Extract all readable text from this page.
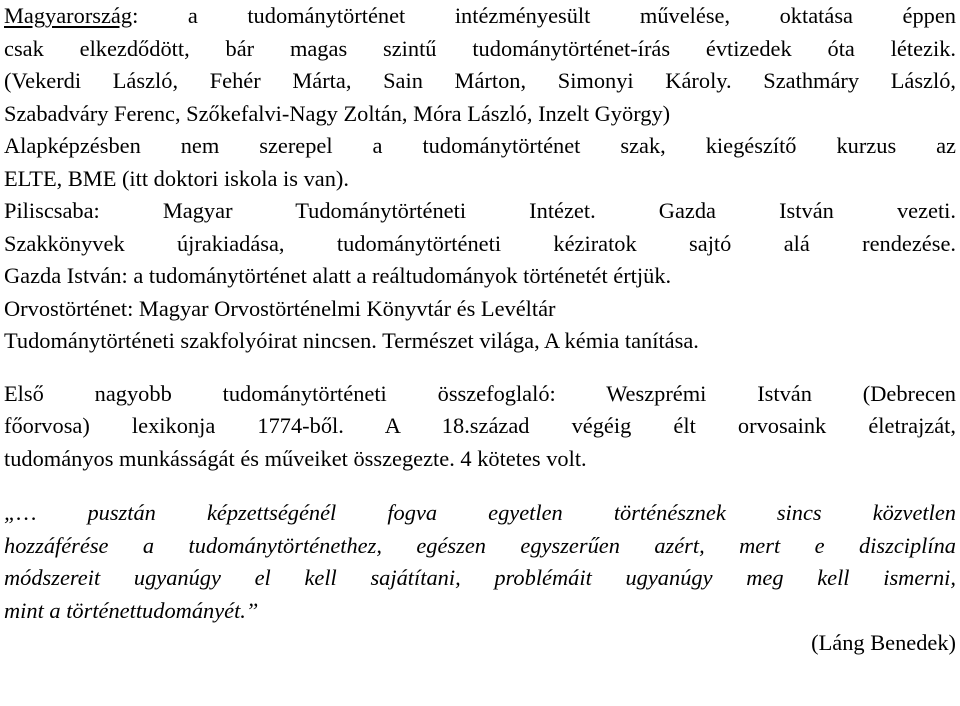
Magyarország: a tudománytörténet intézményesült művelése, oktatása éppen
csak elkezdődött, bár magas szintű tudománytörténet-írás évtizedek óta létezik.
(Vekerdi László, Fehér Márta, Sain Márton, Simonyi Károly. Szathmáry László,
Szabadváry Ferenc, Szőkefalvi-Nagy Zoltán, Móra László, Inzelt György)
Alapképzésben nem szerepel a tudománytörténet szak, kiegészítő kurzus az
ELTE, BME (itt doktori iskola is van).
Piliscsaba: Magyar Tudománytörténeti Intézet. Gazda István vezeti.
Szakkönyvek újrakiadása, tudománytörténeti kéziratok sajtó alá rendezése.
Gazda István: a tudománytörténet alatt a reáltudományok történetét értjük.
Orvostörténet: Magyar Orvostörténelmi Könyvtár és Levéltár
Tudománytörténeti szakfolyóirat nincsen. Természet világa, A kémia tanítása.
Első nagyobb tudománytörténeti összefoglaló: Weszprémi István (Debrecen
főorvosa) lexikonja 1774-ből. A 18.század végéig élt orvosaink életrajzát,
tudományos munkásságát és műveiket összegezte. 4 kötetes volt.
„… pusztán képzettségénél fogva egyetlen történésznek sincs közvetlen
hozzáférése a tudománytörténethez, egészen egyszerűen azért, mert e diszciplína
módszereit ugyanúgy el kell sajátítani, problémáit ugyanúgy meg kell ismerni,
mint a történettudományét.”
(Láng Benedek)
